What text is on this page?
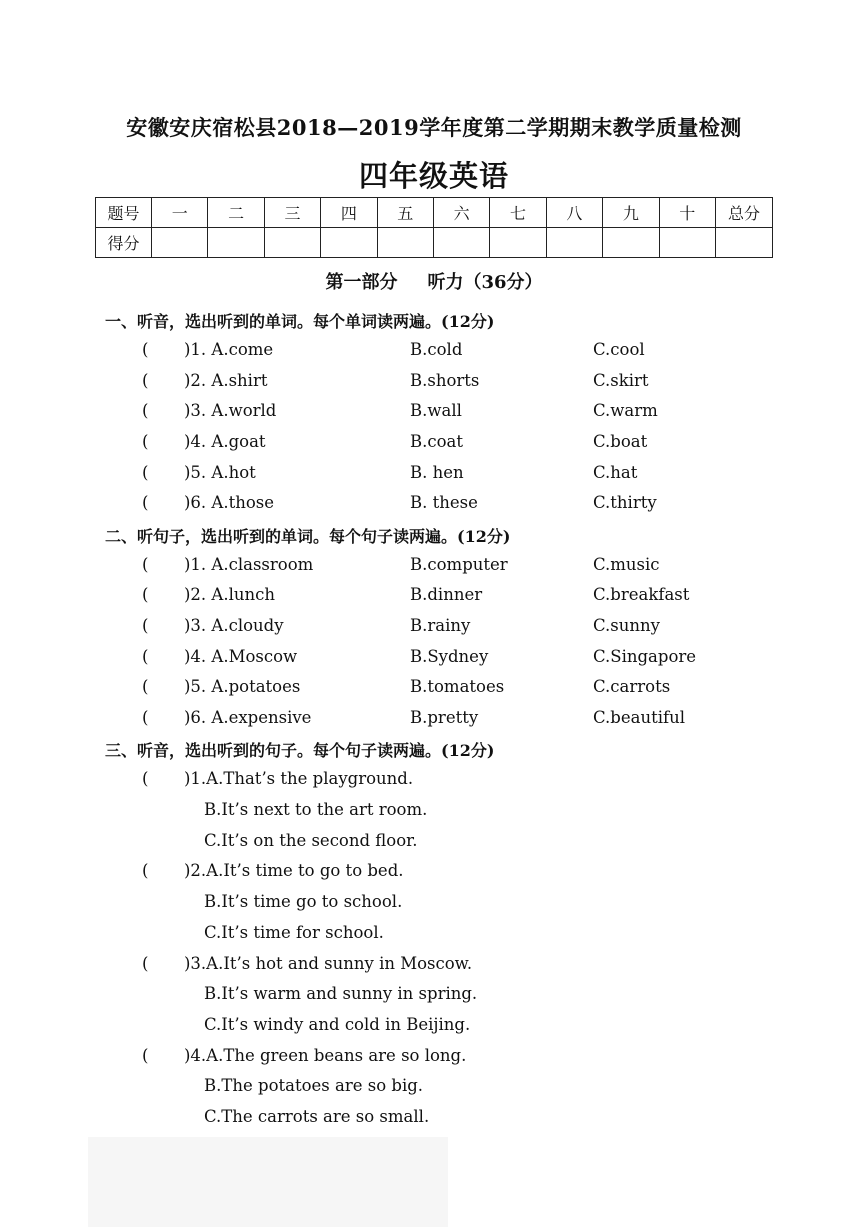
安徽安庆宿松县2018—2019学年度第二学期期末教学质量检测
四年级英语
题号	一	二	三	四	五	六	七	八	九	十	总分
得分											
第一部分 听力（36分）
一、听音，选出听到的单词。每个单词读两遍。(12分)
( )1. A.come	B.cold	C.cool
( )2. A.shirt	B.shorts	C.skirt
( )3. A.world	B.wall	C.warm
( )4. A.goat	B.coat	C.boat
( )5. A.hot	B. hen	C.hat
( )6. A.those	B. these	C.thirty
二、听句子，选出听到的单词。每个句子读两遍。(12分)
( )1. A.classroom	B.computer	C.music
( )2. A.lunch	B.dinner	C.breakfast
( )3. A.cloudy	B.rainy	C.sunny
( )4. A.Moscow	B.Sydney	C.Singapore
( )5. A.potatoes	B.tomatoes	C.carrots
( )6. A.expensive	B.pretty	C.beautiful
三、听音，选出听到的句子。每个句子读两遍。(12分)
( )1.A.That’s the playground.
B.It’s next to the art room.
C.It’s on the second floor.
( )2.A.It’s time to go to bed.
B.It’s time go to school.
C.It’s time for school.
( )3.A.It’s hot and sunny in Moscow.
B.It’s warm and sunny in spring.
C.It’s windy and cold in Beijing.
( )4.A.The green beans are so long.
B.The potatoes are so big.
C.The carrots are so small.
